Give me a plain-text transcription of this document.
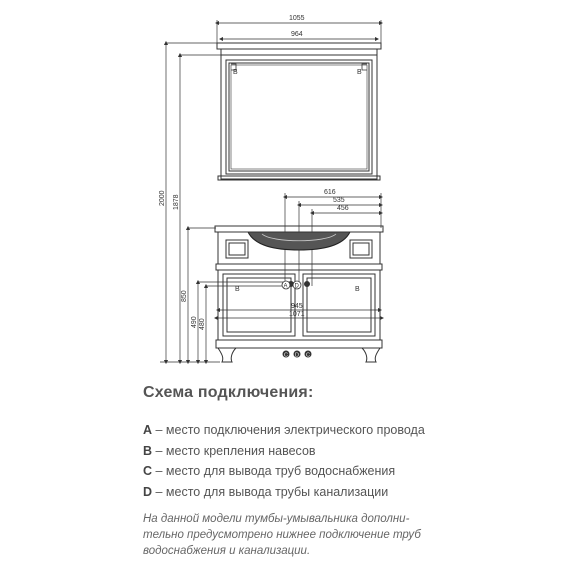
B	B
1055
964
2000 1878
850
490 480
616
535
456
B	B
A D
C D C
945
1071
Схема подключения:
A – место подключения электрического провода
B – место крепления навесов
C – место для вывода труб водоснабжения
D – место для вывода трубы канализации
На данной модели тумбы-умывальника дополни-
тельно предусмотрено нижнее подключение труб
водоснабжения и канализации.
